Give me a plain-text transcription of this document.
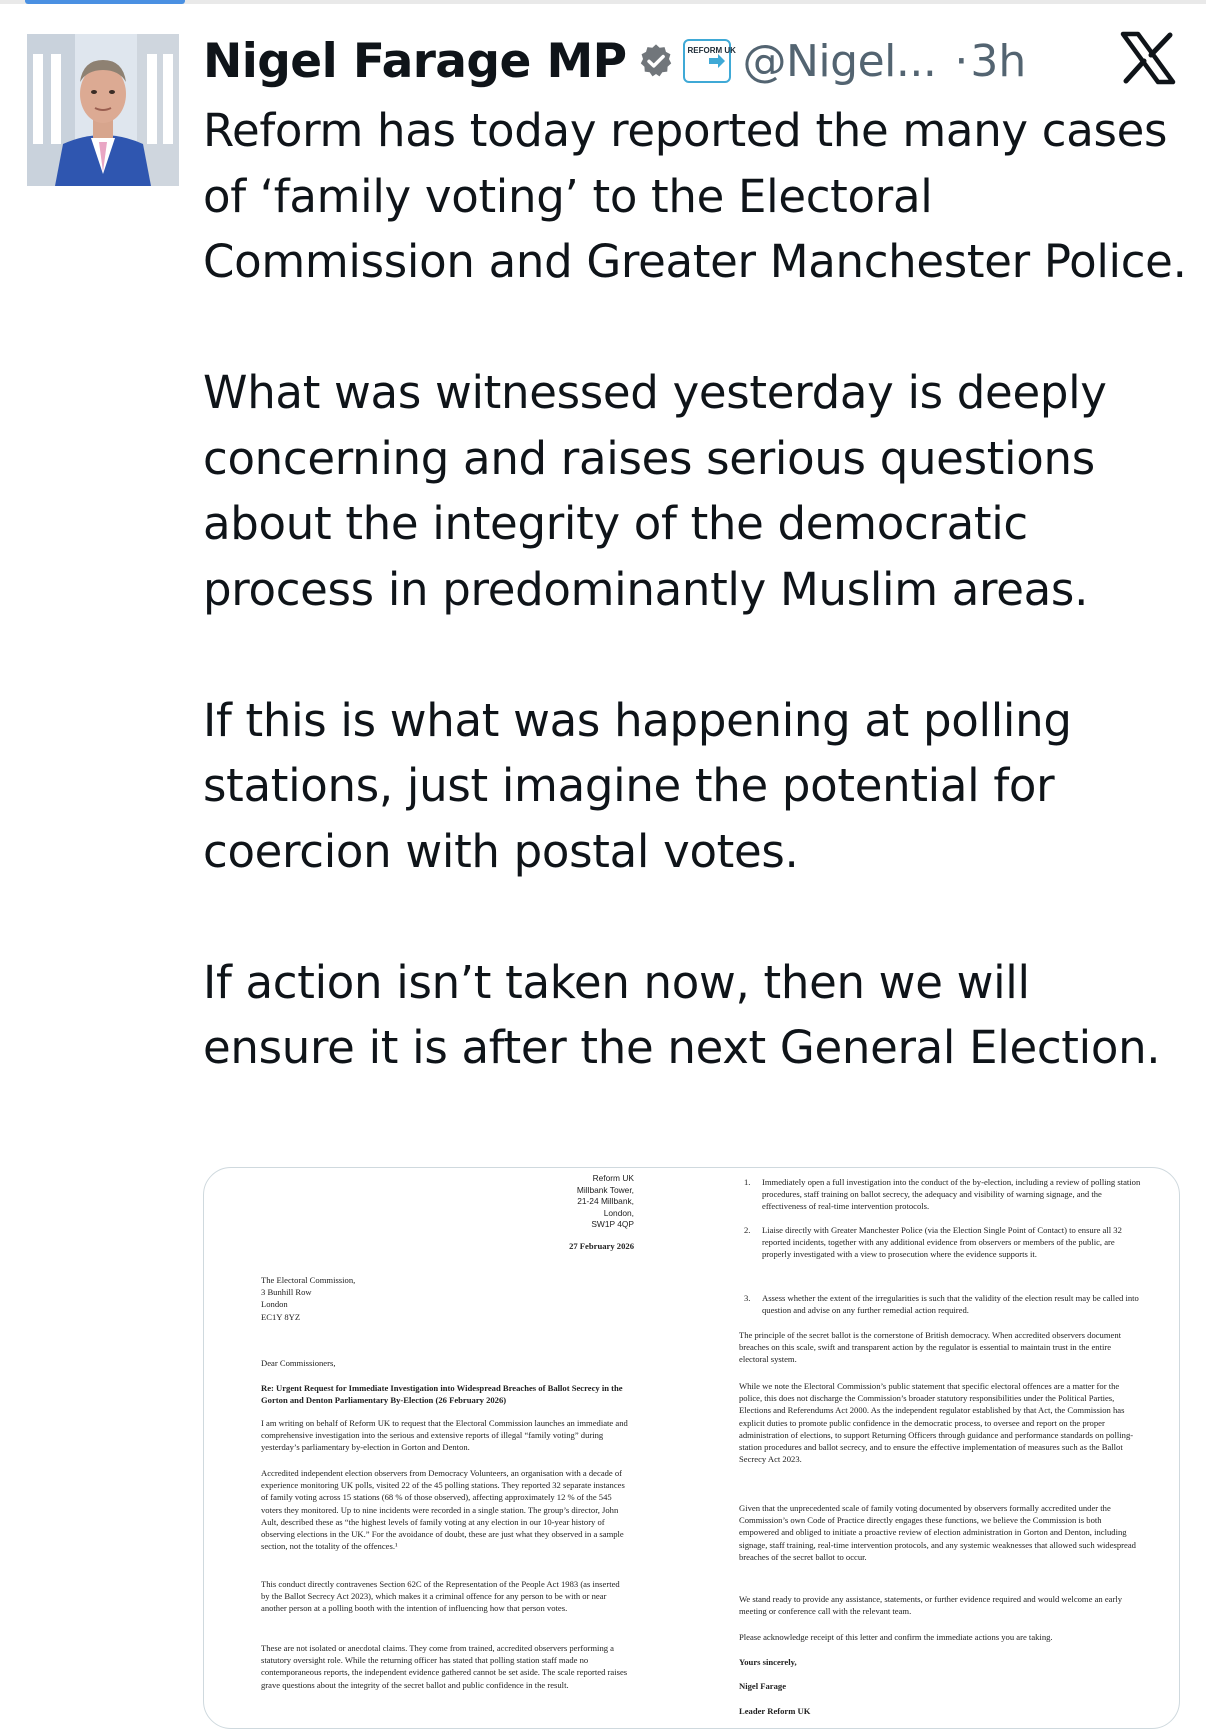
Nigel Farage MP	REFORM UK @Nigel... · 3h

Reform has today reported the many cases of ‘family voting’ to the Electoral Commission and Greater Manchester Police.

What was witnessed yesterday is deeply concerning and raises serious questions about the integrity of the democratic process in predominantly Muslim areas.

If this is what was happening at polling stations, just imagine the potential for coercion with postal votes.

If action isn’t taken now, then we will ensure it is after the next General Election.

Reform UK
Millbank Tower,
21-24 Millbank,
London,
SW1P 4QP
27 February 2026
The Electoral Commission,
3 Bunhill Row
London
EC1Y 8YZ
Dear Commissioners,
Re: Urgent Request for Immediate Investigation into Widespread Breaches of Ballot Secrecy in the Gorton and Denton Parliamentary By-Election (26 February 2026)
I am writing on behalf of Reform UK to request that the Electoral Commission launches an immediate and comprehensive investigation into the serious and extensive reports of illegal “family voting” during yesterday’s parliamentary by-election in Gorton and Denton.
Accredited independent election observers from Democracy Volunteers, an organisation with a decade of experience monitoring UK polls, visited 22 of the 45 polling stations. They reported 32 separate instances of family voting across 15 stations (68 % of those observed), affecting approximately 12 % of the 545 voters they monitored. Up to nine incidents were recorded in a single station. The group’s director, John Ault, described these as “the highest levels of family voting at any election in our 10-year history of observing elections in the UK.” For the avoidance of doubt, these are just what they observed in a sample section, not the totality of the offences.¹
This conduct directly contravenes Section 62C of the Representation of the People Act 1983 (as inserted by the Ballot Secrecy Act 2023), which makes it a criminal offence for any person to be with or near another person at a polling booth with the intention of influencing how that person votes.
These are not isolated or anecdotal claims. They come from trained, accredited observers performing a statutory oversight role. While the returning officer has stated that polling station staff made no contemporaneous reports, the independent evidence gathered cannot be set aside. The scale reported raises grave questions about the integrity of the secret ballot and public confidence in the result.
1. Immediately open a full investigation into the conduct of the by-election, including a review of polling station procedures, staff training on ballot secrecy, the adequacy and visibility of warning signage, and the effectiveness of real-time intervention protocols.
2. Liaise directly with Greater Manchester Police (via the Election Single Point of Contact) to ensure all 32 reported incidents, together with any additional evidence from observers or members of the public, are properly investigated with a view to prosecution where the evidence supports it.
3. Assess whether the extent of the irregularities is such that the validity of the election result may be called into question and advise on any further remedial action required.
The principle of the secret ballot is the cornerstone of British democracy. When accredited observers document breaches on this scale, swift and transparent action by the regulator is essential to maintain trust in the entire electoral system.
While we note the Electoral Commission’s public statement that specific electoral offences are a matter for the police, this does not discharge the Commission’s broader statutory responsibilities under the Political Parties, Elections and Referendums Act 2000. As the independent regulator established by that Act, the Commission has explicit duties to promote public confidence in the democratic process, to oversee and report on the proper administration of elections, to support Returning Officers through guidance and performance standards on polling-station procedures and ballot secrecy, and to ensure the effective implementation of measures such as the Ballot Secrecy Act 2023.
Given that the unprecedented scale of family voting documented by observers formally accredited under the Commission’s own Code of Practice directly engages these functions, we believe the Commission is both empowered and obliged to initiate a proactive review of election administration in Gorton and Denton, including signage, staff training, real-time intervention protocols, and any systemic weaknesses that allowed such widespread breaches of the secret ballot to occur.
We stand ready to provide any assistance, statements, or further evidence required and would welcome an early meeting or conference call with the relevant team.
Please acknowledge receipt of this letter and confirm the immediate actions you are taking.
Yours sincerely,
Nigel Farage
Leader Reform UK
